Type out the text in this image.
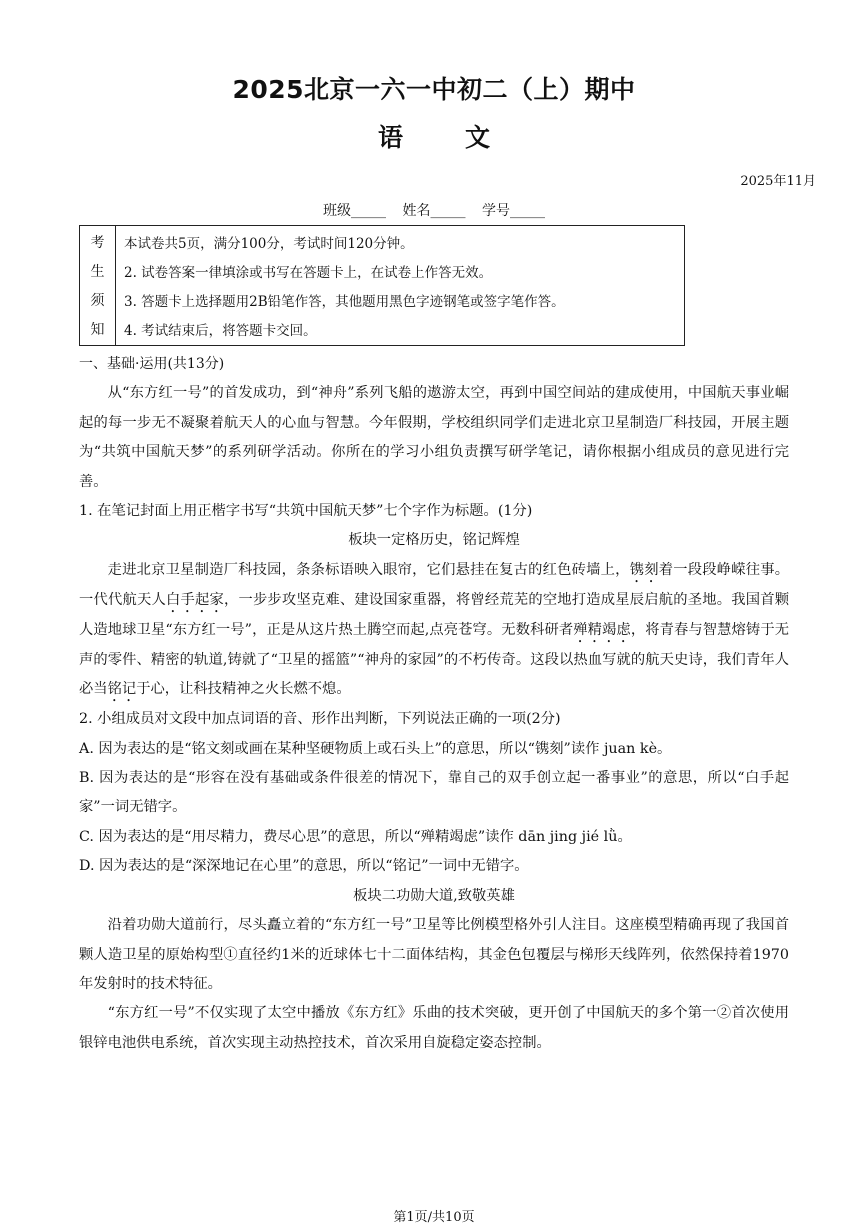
2025北京一六一中初二（上）期中
语文
2025年11月
班级_____ 姓名_____ 学号_____
考
生
须
知
本试卷共5页，满分100分，考试时间120分钟。
2. 试卷答案一律填涂或书写在答题卡上，在试卷上作答无效。
3. 答题卡上选择题用2B铅笔作答，其他题用黑色字迹钢笔或签字笔作答。
4. 考试结束后，将答题卡交回。

一、基础·运用(共13分)

从“东方红一号”的首发成功，到“神舟”系列飞船的遨游太空，再到中国空间站的建成使用，中国航天事业崛起的每一步无不凝聚着航天人的心血与智慧。今年假期，学校组织同学们走进北京卫星制造厂科技园，开展主题为“共筑中国航天梦”的系列研学活动。你所在的学习小组负责撰写研学笔记，请你根据小组成员的意见进行完善。

1. 在笔记封面上用正楷字书写“共筑中国航天梦”七个字作为标题。(1分)

板块一定格历史，铭记辉煌

走进北京卫星制造厂科技园，条条标语映入眼帘，它们悬挂在复古的红色砖墙上，镌刻着一段段峥嵘往事。一代代航天人白手起家，一步步攻坚克难、建设国家重器，将曾经荒芜的空地打造成星辰启航的圣地。我国首颗人造地球卫星“东方红一号”，正是从这片热土腾空而起,点亮苍穹。无数科研者殚精竭虑，将青春与智慧熔铸于无声的零件、精密的轨道,铸就了“卫星的摇篮”“神舟的家园”的不朽传奇。这段以热血写就的航天史诗，我们青年人必当铭记于心，让科技精神之火长燃不熄。

2. 小组成员对文段中加点词语的音、形作出判断，下列说法正确的一项(2分)

A. 因为表达的是“铭文刻或画在某种坚硬物质上或石头上”的意思，所以“镌刻”读作 juan kè。

B. 因为表达的是“形容在没有基础或条件很差的情况下，靠自己的双手创立起一番事业”的意思，所以“白手起家”一词无错字。

C. 因为表达的是“用尽精力，费尽心思”的意思，所以“殚精竭虑”读作 dān jing jié lǜ。

D. 因为表达的是“深深地记在心里”的意思，所以“铭记”一词中无错字。

板块二功勋大道,致敬英雄

沿着功勋大道前行，尽头矗立着的“东方红一号”卫星等比例模型格外引人注目。这座模型精确再现了我国首颗人造卫星的原始构型①直径约1米的近球体七十二面体结构，其金色包覆层与梯形天线阵列，依然保持着1970年发射时的技术特征。

“东方红一号”不仅实现了太空中播放《东方红》乐曲的技术突破，更开创了中国航天的多个第一②首次使用银锌电池供电系统，首次实现主动热控技术，首次采用自旋稳定姿态控制。

第1页/共10页
